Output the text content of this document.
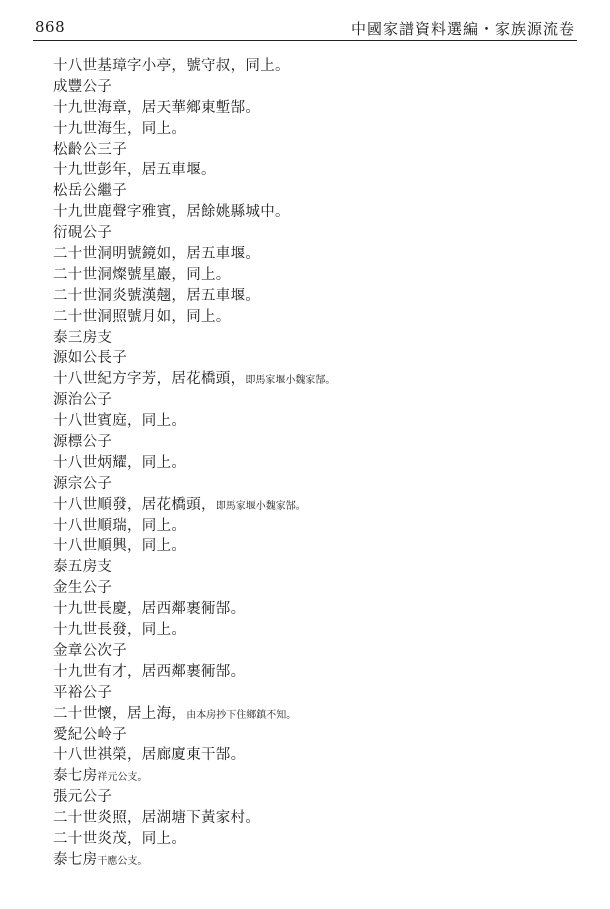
868	中國家譜資料選編・家族源流卷
十八世基璋字小亭，號守叔，同上。
成豐公子
十九世海章，居天華鄉東塹郜。
十九世海生，同上。
松齡公三子
十九世彭年，居五車堰。
松岳公繼子
十九世鹿聲字雅賓，居餘姚縣城中。
衍硯公子
二十世洞明號鏡如，居五車堰。
二十世洞燦號星巖，同上。
二十世洞炎號漢翹，居五車堰。
二十世洞照號月如，同上。
泰三房支
源如公長子
十八世紀方字芳，居花橋頭，即馬家堰小魏家郜。
源治公子
十八世賓庭，同上。
源標公子
十八世炳耀，同上。
源宗公子
十八世順發，居花橋頭，即馬家堰小魏家郜。
十八世順瑞，同上。
十八世順興，同上。
泰五房支
金生公子
十九世長慶，居西鄰裹衕郜。
十九世長發，同上。
金章公次子
十九世有才，居西鄰裹衕郜。
平裕公子
二十世懷，居上海，由本房抄下住鄉鎮不知。
愛紀公岭子
十八世祺榮，居廊廈東干郜。
泰七房祥元公支。
張元公子
二十世炎照，居湖塘下黃家村。
二十世炎茂，同上。
泰七房干應公支。
